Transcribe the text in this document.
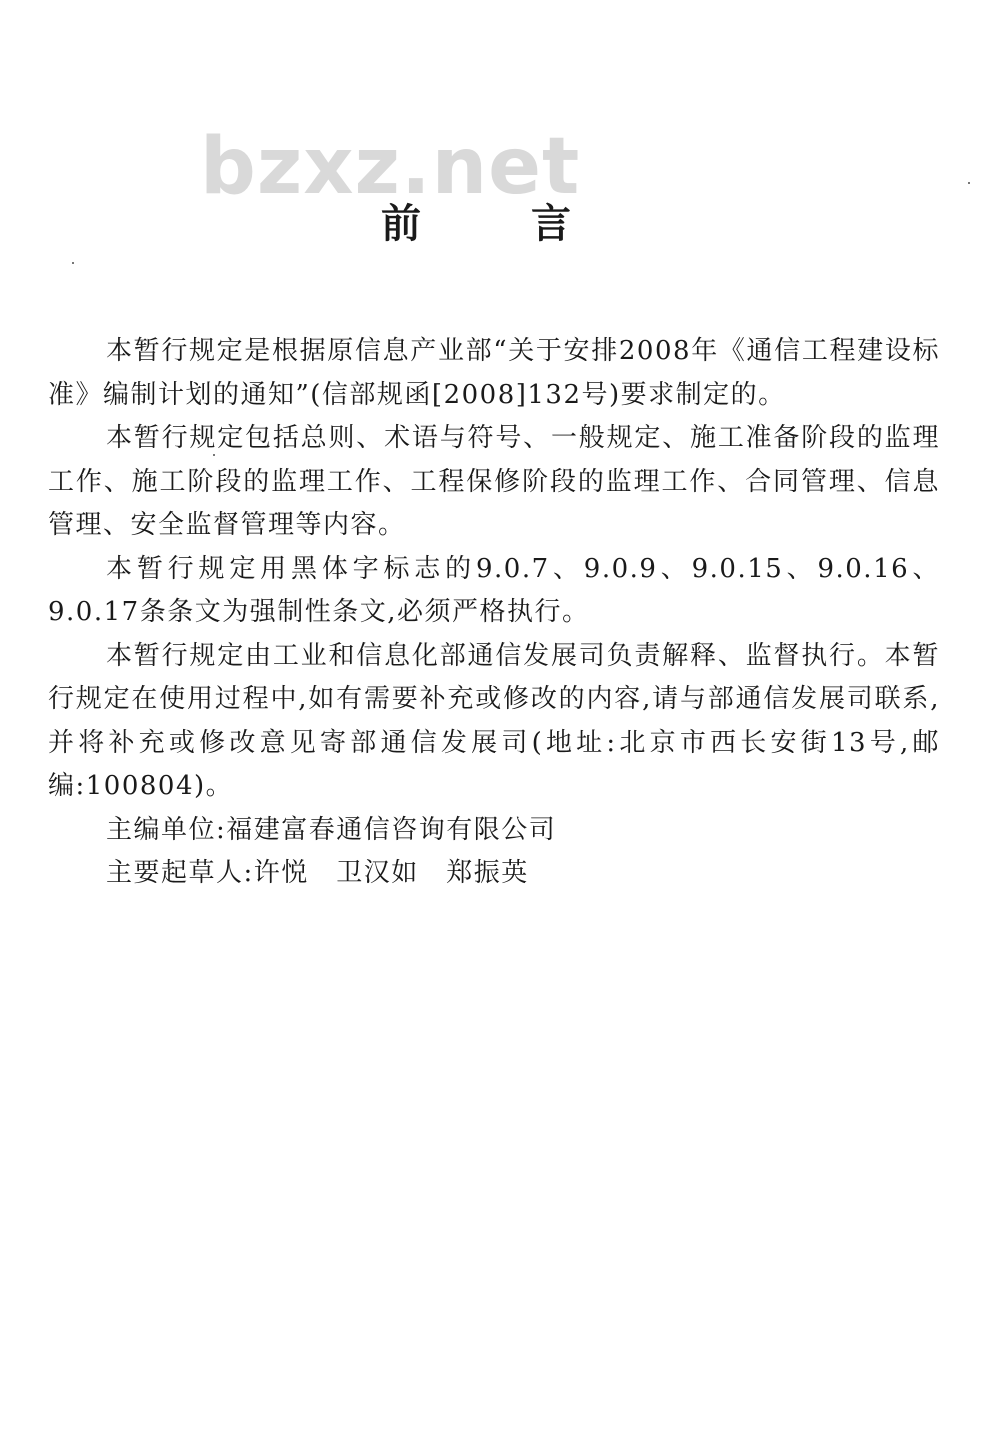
bzxz.net
前 言

本暂行规定是根据原信息产业部“关于安排2008年《通信工程建设标准》编制计划的通知”(信部规函[2008]132号)要求制定的。

本暂行规定包括总则、术语与符号、一般规定、施工准备阶段的监理工作、施工阶段的监理工作、工程保修阶段的监理工作、合同管理、信息管理、安全监督管理等内容。

本暂行规定用黑体字标志的9.0.7、9.0.9、9.0.15、9.0.16、9.0.17条条文为强制性条文,必须严格执行。

本暂行规定由工业和信息化部通信发展司负责解释、监督执行。本暂行规定在使用过程中,如有需要补充或修改的内容,请与部通信发展司联系,并将补充或修改意见寄部通信发展司(地址:北京市西长安街13号,邮编:100804)。

主编单位:福建富春通信咨询有限公司

主要起草人:许悦　卫汉如　郑振英
